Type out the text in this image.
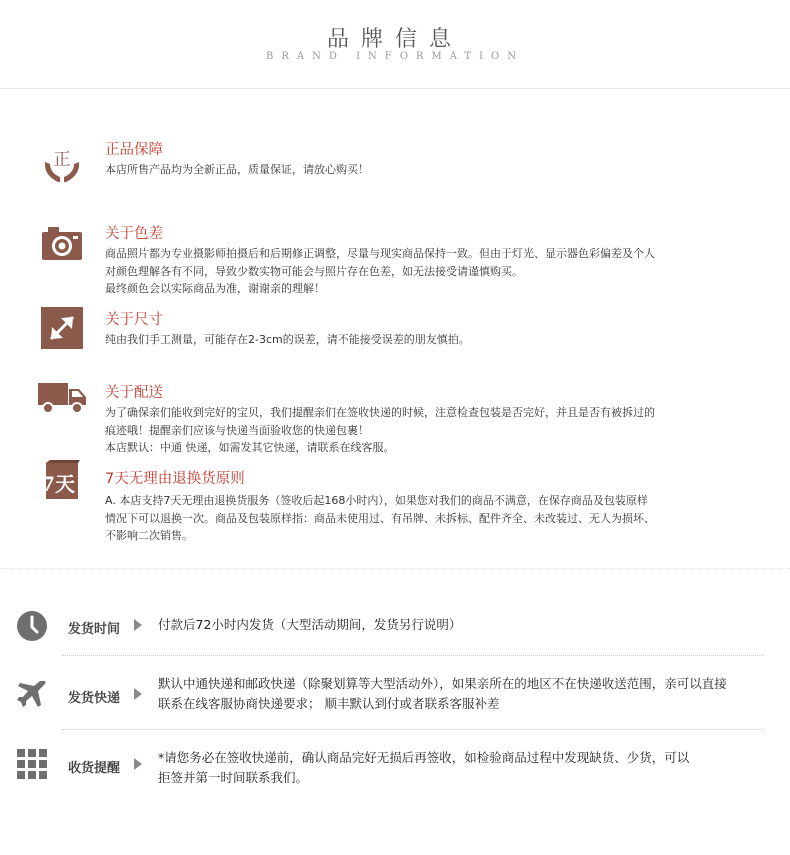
品牌信息
BRAND INFORMATION
正 正品保障

本店所售产品均为全新正品，质量保证，请放心购买！

关于色差

商品照片都为专业摄影师拍摄后和后期修正调整，尽量与现实商品保持一致。但由于灯光、显示器色彩偏差及个人

对颜色理解各有不同，导致少数实物可能会与照片存在色差，如无法接受请谨慎购买。

最终颜色会以实际商品为准，谢谢亲的理解！

关于尺寸

纯由我们手工测量，可能存在2-3cm的误差，请不能接受误差的朋友慎拍。

关于配送

为了确保亲们能收到完好的宝贝，我们提醒亲们在签收快递的时候，注意检查包装是否完好，并且是否有被拆过的

痕迹哦！提醒亲们应该与快递当面验收您的快递包裹！

本店默认：中通 快递，如需发其它快递，请联系在线客服。

7天 7天无理由退换货原则

A. 本店支持7天无理由退换货服务（签收后起168小时内），如果您对我们的商品不满意，在保存商品及包装原样

情况下可以退换一次。商品及包装原样指：商品未使用过、有吊牌、未拆标、配件齐全、未改装过、无人为损坏、

不影响二次销售。

发货时间	付款后72小时内发货（大型活动期间，发货另行说明）

发货快递

默认中通快递和邮政快递（除聚划算等大型活动外），如果亲所在的地区不在快递收送范围，亲可以直接

联系在线客服协商快递要求； 顺丰默认到付或者联系客服补差

收货提醒

*请您务必在签收快递前，确认商品完好无损后再签收，如检验商品过程中发现缺货、少货，可以

拒签并第一时间联系我们。
